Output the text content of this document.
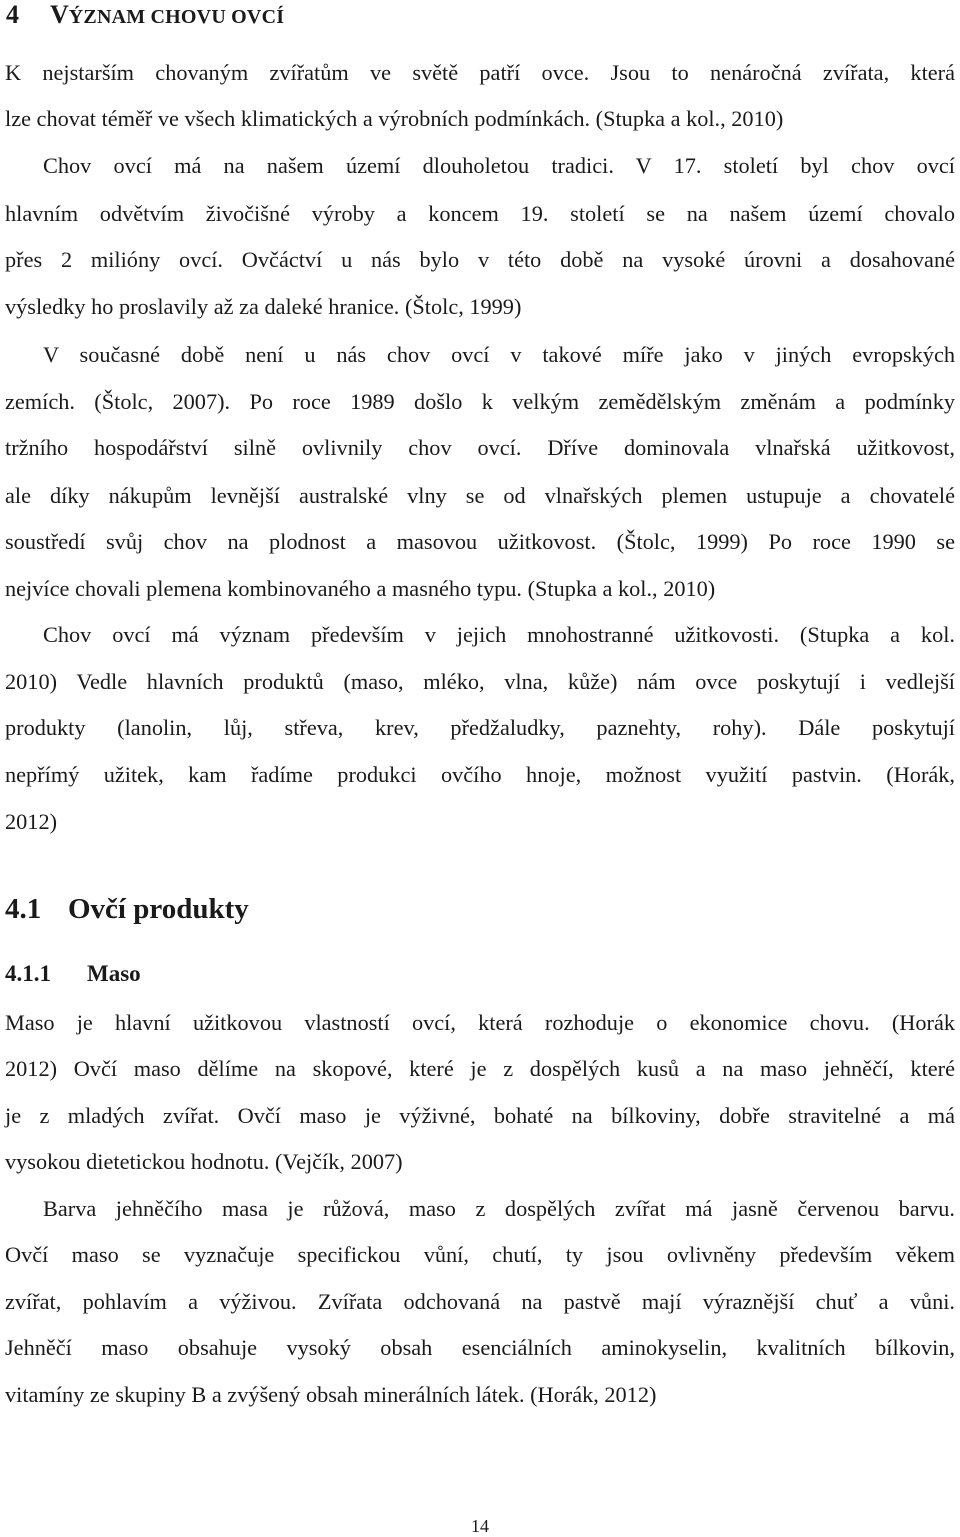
4 VÝZNAM CHOVU OVCÍ
K nejstarším chovaným zvířatům ve světě patří ovce. Jsou to nenáročná zvířata, která
lze chovat téměř ve všech klimatických a výrobních podmínkách. (Stupka a kol., 2010)
Chov ovcí má na našem území dlouholetou tradici. V 17. století byl chov ovcí
hlavním odvětvím živočišné výroby a koncem 19. století se na našem území chovalo
přes 2 milióny ovcí. Ovčáctví u nás bylo v této době na vysoké úrovni a dosahované
výsledky ho proslavily až za daleké hranice. (Štolc, 1999)
V současné době není u nás chov ovcí v takové míře jako v jiných evropských
zemích. (Štolc, 2007). Po roce 1989 došlo k velkým zemědělským změnám a podmínky
tržního hospodářství silně ovlivnily chov ovcí. Dříve dominovala vlnařská užitkovost,
ale díky nákupům levnější australské vlny se od vlnařských plemen ustupuje a chovatelé
soustředí svůj chov na plodnost a masovou užitkovost. (Štolc, 1999) Po roce 1990 se
nejvíce chovali plemena kombinovaného a masného typu. (Stupka a kol., 2010)
Chov ovcí má význam především v jejich mnohostranné užitkovosti. (Stupka a kol.
2010) Vedle hlavních produktů (maso, mléko, vlna, kůže) nám ovce poskytují i vedlejší
produkty (lanolin, lůj, střeva, krev, předžaludky, paznehty, rohy). Dále poskytují
nepřímý užitek, kam řadíme produkci ovčího hnoje, možnost využití pastvin. (Horák,
2012)
4.1 Ovčí produkty
4.1.1 Maso
Maso je hlavní užitkovou vlastností ovcí, která rozhoduje o ekonomice chovu. (Horák
2012) Ovčí maso dělíme na skopové, které je z dospělých kusů a na maso jehněčí, které
je z mladých zvířat. Ovčí maso je výživné, bohaté na bílkoviny, dobře stravitelné a má
vysokou dietetickou hodnotu. (Vejčík, 2007)
Barva jehněčího masa je růžová, maso z dospělých zvířat má jasně červenou barvu.
Ovčí maso se vyznačuje specifickou vůní, chutí, ty jsou ovlivněny především věkem
zvířat, pohlavím a výživou. Zvířata odchovaná na pastvě mají výraznější chuť a vůni.
Jehněčí maso obsahuje vysoký obsah esenciálních aminokyselin, kvalitních bílkovin,
vitamíny ze skupiny B a zvýšený obsah minerálních látek. (Horák, 2012)
14
